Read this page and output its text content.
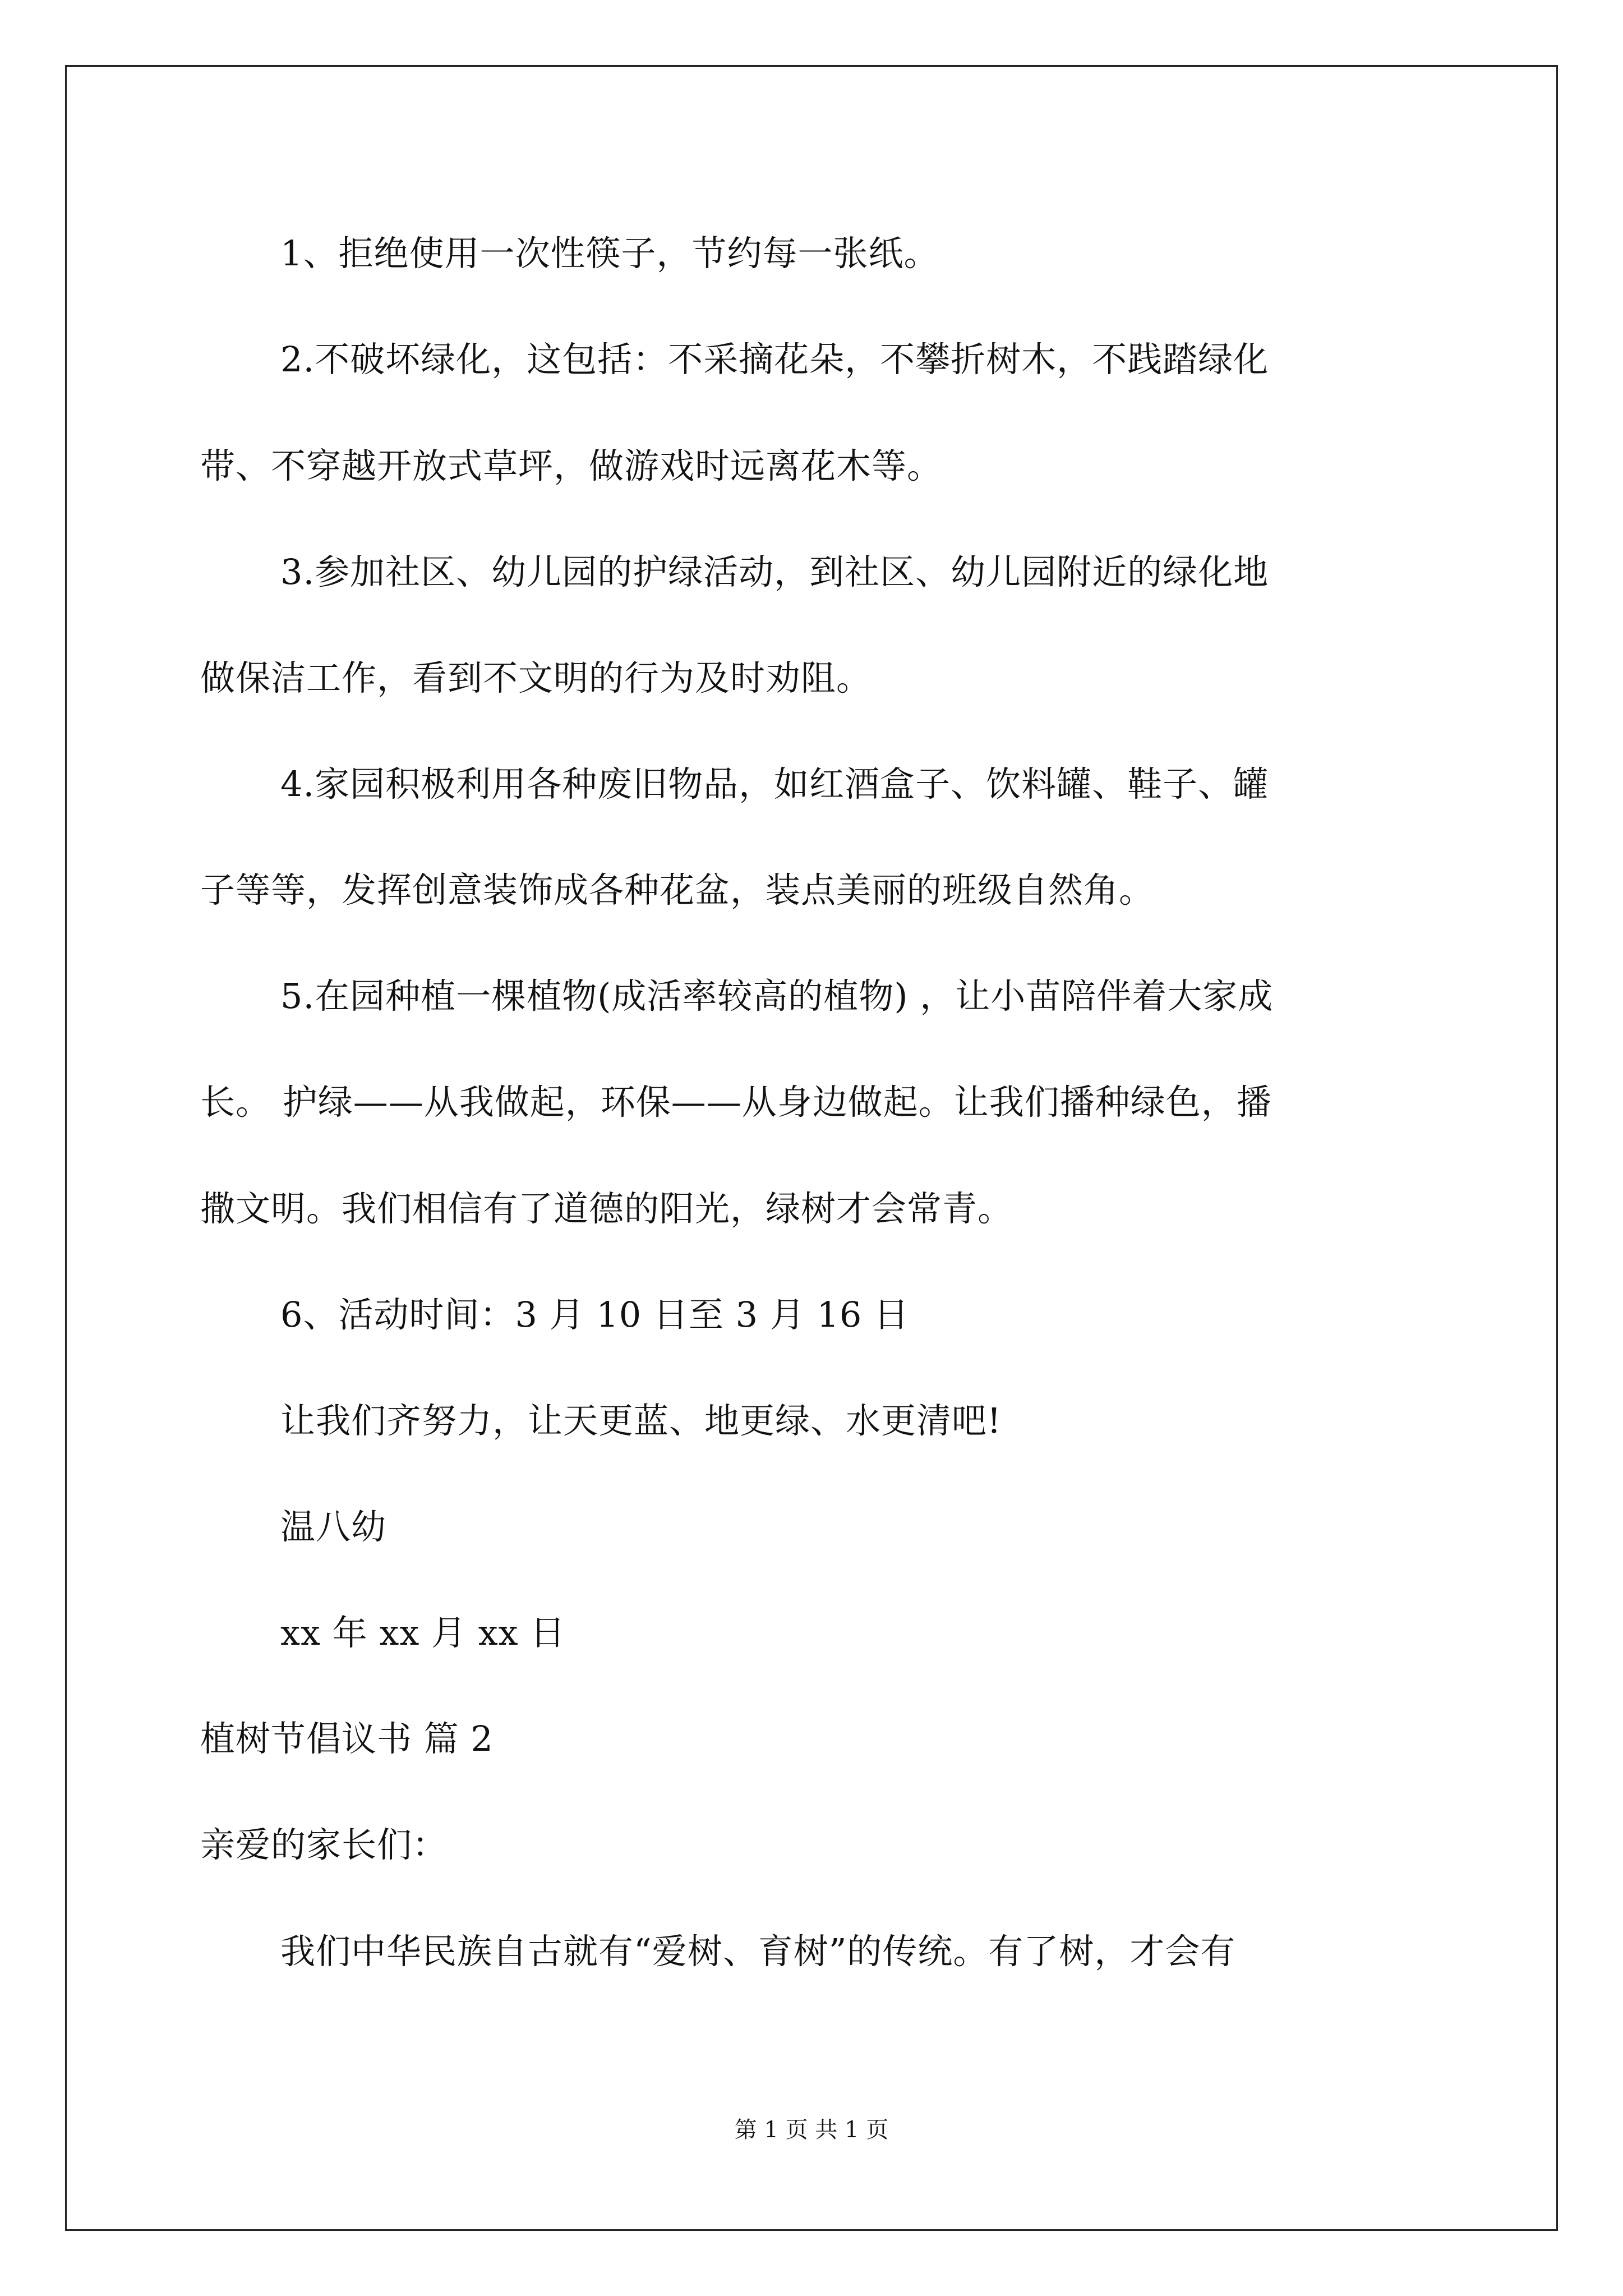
1、拒绝使用一次性筷子，节约每一张纸。
2.不破坏绿化，这包括：不采摘花朵，不攀折树木，不践踏绿化
带、不穿越开放式草坪，做游戏时远离花木等。
3.参加社区、幼儿园的护绿活动，到社区、幼儿园附近的绿化地
做保洁工作，看到不文明的行为及时劝阻。
4.家园积极利用各种废旧物品，如红酒盒子、饮料罐、鞋子、罐
子等等，发挥创意装饰成各种花盆，装点美丽的班级自然角。
5.在园种植一棵植物(成活率较高的植物) ，让小苗陪伴着大家成
长。 护绿——从我做起，环保——从身边做起。让我们播种绿色，播
撒文明。我们相信有了道德的阳光，绿树才会常青。
6、活动时间：3 月 10 日至 3 月 16 日
让我们齐努力，让天更蓝、地更绿、水更清吧!
温八幼
xx 年 xx 月 xx 日
植树节倡议书 篇 2
亲爱的家长们：
我们中华民族自古就有“爱树、育树”的传统。有了树，才会有
第 1 页 共 1 页
